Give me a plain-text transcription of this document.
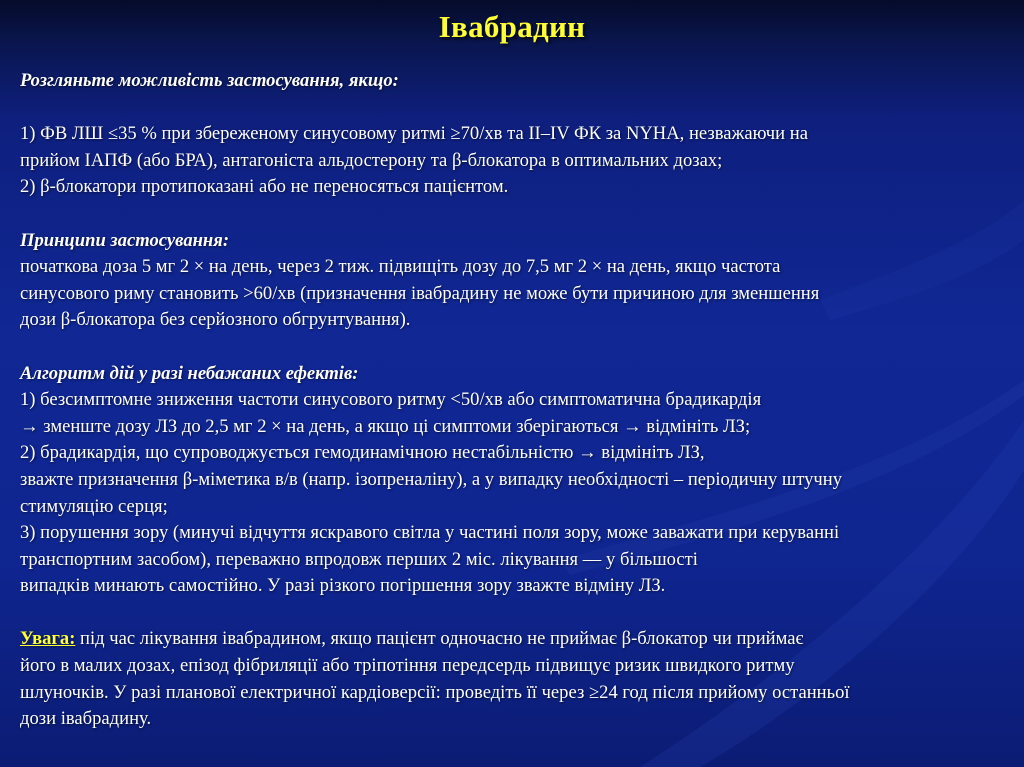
Івабрадин

Розгляньте можливість застосування, якщо:

1) ФВ ЛШ ≤35 % при збереженому синусовому ритмі ≥70/хв та II–IV ФК за NYHA, незважаючи на

прийом ІАПФ (або БРА), антагоніста альдостерону та β-блокатора в оптимальних дозах;

2) β-блокатори протипоказані або не переносяться пацієнтом.

Принципи застосування:

початкова доза 5 мг 2 × на день, через 2 тиж. підвищіть дозу до 7,5 мг 2 × на день, якщо частота

синусового риму становить >60/хв (призначення івабрадину не може бути причиною для зменшення

дози β-блокатора без серйозного обгрунтування).

Алгоритм дій у разі небажаних ефектів:

1) безсимптомне зниження частоти синусового ритму <50/хв або симптоматична брадикардія

→ зменште дозу ЛЗ до 2,5 мг 2 × на день, а якщо ці симптоми зберігаються → відмініть ЛЗ;

2) брадикардія, що супроводжується гемодинамічною нестабільністю → відмініть ЛЗ,

зважте призначення β-міметика в/в (напр. ізопреналіну), а у випадку необхідності – періодичну штучну

стимуляцію серця;

3) порушення зору (минучі відчуття яскравого світла у частині поля зору, може заважати при керуванні

транспортним засобом), переважно впродовж перших 2 міс. лікування — у більшості

випадків минають самостійно. У разі різкого погіршення зору зважте відміну ЛЗ.

Увага: під час лікування івабрадином, якщо пацієнт одночасно не приймає β-блокатор чи приймає

його в малих дозах, епізод фібриляції або тріпотіння передсердь підвищує ризик швидкого ритму

шлуночків. У разі планової електричної кардіоверсії: проведіть її через ≥24 год після прийому останньої

дози івабрадину.
